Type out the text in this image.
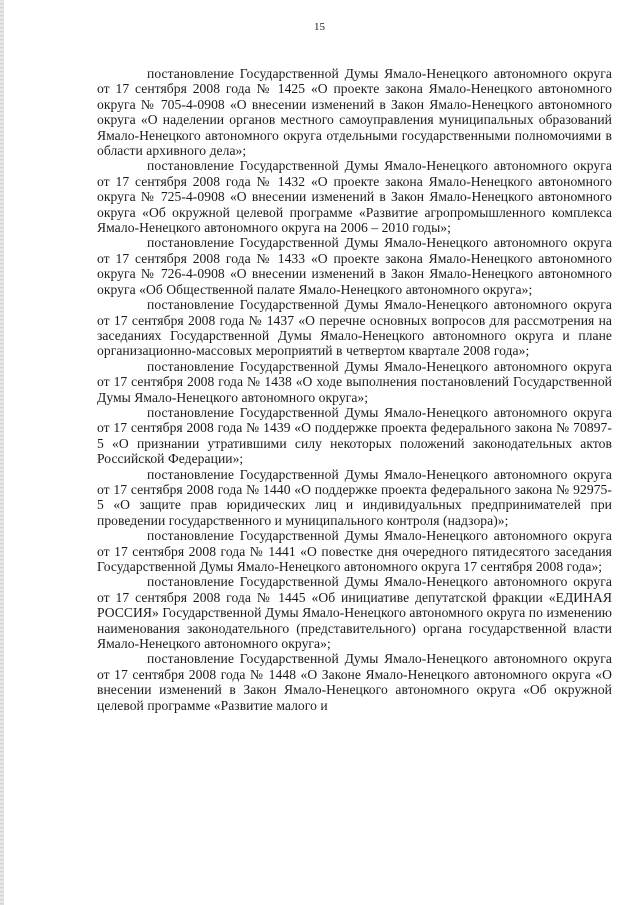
15

постановление Государственной Думы Ямало-Ненецкого автономного округа от 17 сентября 2008 года № 1425 «О проекте закона Ямало-Ненецкого автономного округа № 705-4-0908 «О внесении изменений в Закон Ямало-Ненецкого автономного округа «О наделении органов местного самоуправления муниципальных образований Ямало-Ненецкого автономного округа отдельными государственными полномочиями в области архивного дела»;

постановление Государственной Думы Ямало-Ненецкого автономного округа от 17 сентября 2008 года № 1432 «О проекте закона Ямало-Ненецкого автономного округа № 725-4-0908 «О внесении изменений в Закон Ямало-Ненецкого автономного округа «Об окружной целевой программе «Развитие агропромышленного комплекса Ямало-Ненецкого автономного округа на 2006 – 2010 годы»;

постановление Государственной Думы Ямало-Ненецкого автономного округа от 17 сентября 2008 года № 1433 «О проекте закона Ямало-Ненецкого автономного округа № 726-4-0908 «О внесении изменений в Закон Ямало-Ненецкого автономного округа «Об Общественной палате Ямало-Ненецкого автономного округа»;

постановление Государственной Думы Ямало-Ненецкого автономного округа от 17 сентября 2008 года № 1437 «О перечне основных вопросов для рассмотрения на заседаниях Государственной Думы Ямало-Ненецкого автономного округа и плане организационно-массовых мероприятий в четвертом квартале 2008 года»;

постановление Государственной Думы Ямало-Ненецкого автономного округа от 17 сентября 2008 года № 1438 «О ходе выполнения постановлений Государственной Думы Ямало-Ненецкого автономного округа»;

постановление Государственной Думы Ямало-Ненецкого автономного округа от 17 сентября 2008 года № 1439 «О поддержке проекта федерального закона № 70897-5 «О признании утратившими силу некоторых положений законодательных актов Российской Федерации»;

постановление Государственной Думы Ямало-Ненецкого автономного округа от 17 сентября 2008 года № 1440 «О поддержке проекта федерального закона № 92975-5 «О защите прав юридических лиц и индивидуальных предпринимателей при проведении государственного и муниципального контроля (надзора)»;

постановление Государственной Думы Ямало-Ненецкого автономного округа от 17 сентября 2008 года № 1441 «О повестке дня очередного пятидесятого заседания Государственной Думы Ямало-Ненецкого автономного округа 17 сентября 2008 года»;

постановление Государственной Думы Ямало-Ненецкого автономного округа от 17 сентября 2008 года № 1445 «Об инициативе депутатской фракции «ЕДИНАЯ РОССИЯ» Государственной Думы Ямало-Ненецкого автономного округа по изменению наименования законодательного (представительного) органа государственной власти Ямало-Ненецкого автономного округа»;

постановление Государственной Думы Ямало-Ненецкого автономного округа от 17 сентября 2008 года № 1448 «О Законе Ямало-Ненецкого автономного округа «О внесении изменений в Закон Ямало-Ненецкого автономного округа «Об окружной целевой программе «Развитие малого и
